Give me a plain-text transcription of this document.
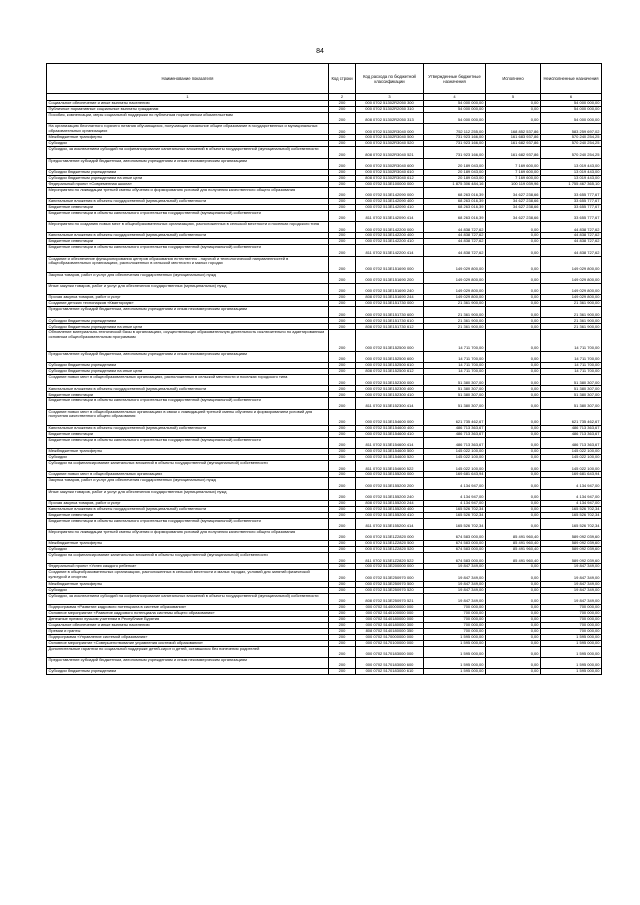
84
Наименование показателя	Код строки	Код расхода по бюджетной классификации	Утвержденные бюджетные назначения	Исполнено	Неисполненные назначения
1	2	3	4	5	6
Социальное обеспечение и иные выплаты населению	200	000 0702 51302R2050 300	54 000 000,00	0,00	54 000 000,00
Публичные нормативные социальные выплаты гражданам	200	000 0702 51302R2050 310	54 000 000,00	0,00	54 000 000,00
Пособия, компенсации, меры социальной поддержки по публичным нормативным обязательствам	200	808 0702 51302R2050 313	54 000 000,00	0,00	54 000 000,00
На организацию бесплатного горячего питания обучающихся, получающих начальное общее образование в государственных и муниципальных образовательных организациях	200	000 0702 51302R3040 000	752 112 255,00	168 852 537,86	583 259 697,02
Межбюджетные трансферты	200	000 0702 51302R3040 500	731 923 166,00	161 683 937,86	570 240 254,25
Субсидии	200	000 0702 51302R3040 520	731 923 166,00	161 682 937,86	570 240 254,25
Субсидии, за исключением субсидий на софинансирование капитальных вложений в объекты государственной (муниципальной) собственности	200	808 0702 51302R3040 521	731 923 166,00	161 682 937,86	570 240 254,25
Предоставление субсидий бюджетным, автономным учреждениям и иным некоммерческим организациям	200	000 0702 51302R3040 600	20 189 043,00	7 169 600,00	13 019 443,00
Субсидии бюджетным учреждениям	200	000 0702 51302R3040 610	20 189 043,00	7 169 600,00	13 019 443,00
Субсидии бюджетным учреждениям на иные цели	200	808 0702 51302R3040 612	20 189 043,00	7 169 600,00	13 019 443,00
Федеральный проект «Современная школа»	200	000 0702 513E100000 000	1 875 306 484,16	100 119 039,96	1 755 467 365,10
Мероприятия по ликвидации третьей смены обучения и формированию условий для получения качественного общего образования	200	000 0702 513E142090 000	68 263 016,39	34 627 238,66	33 655 777,67
Капитальные вложения в объекты государственной (муниципальной) собственности	200	000 0702 513E142090 400	68 263 016,39	34 627 238,66	33 655 777,67
Бюджетные инвестиции	200	000 0702 513E142090 410	68 263 016,39	34 627 238,66	33 655 777,67
Бюджетные инвестиции в объекты капитального строительства государственной (муниципальной) собственности	200	811 0702 513E142090 414	68 263 016,39	34 627 238,66	33 655 777,67
Мероприятия по созданию новых мест в общеобразовательных организациях, расположенных в сельской местности и поселках городского типа	200	000 0702 513E142200 000	44 838 727,62	0,00	44 838 727,62
Капитальные вложения в объекты государственной (муниципальной) собственности	200	000 0702 513E142200 400	44 838 727,62	0,00	44 838 727,62
Бюджетные инвестиции	200	000 0702 513E142200 410	44 838 727,62	0,00	44 838 727,62
Бюджетные инвестиции в объекты капитального строительства государственной (муниципальной) собственности	200	811 0702 513E142200 414	44 838 727,62	0,00	44 838 727,62
Создание и обеспечение функционирования центров образования естественно - научной и технологической направленностей в общеобразовательных организациях, расположенных в сельской местности и малых городах	200	000 0702 513E151690 000	149 029 800,00	0,00	149 029 800,00
Закупка товаров, работ и услуг для обеспечения государственных (муниципальных) нужд	200	000 0702 513E151690 200	149 029 800,00	0,00	149 029 800,00
Иные закупки товаров, работ и услуг для обеспечения государственных (муниципальных) нужд	200	000 0702 513E151690 240	149 029 800,00	0,00	149 029 800,00
Прочая закупка товаров, работ и услуг	200	808 0702 513E151690 244	149 029 800,00	0,00	149 029 800,00
Создание детских технопарков «Кванториум»	200	000 0702 513E151730 000	21 361 900,00	0,00	21 361 900,00
Предоставление субсидий бюджетным, автономным учреждениям и иным некоммерческим организациям	200	000 0702 513E151730 600	21 361 900,00	0,00	21 361 900,00
Субсидии бюджетным учреждениям	200	000 0702 513E151730 610	21 361 900,00	0,00	21 361 900,00
Субсидии бюджетным учреждениям на иные цели	200	808 0702 513E151730 612	21 361 900,00	0,00	21 361 900,00
Обновление материально-технической базы в организациях, осуществляющих образовательную деятельность исключительно по адаптированным основным общеобразовательным программам	200	000 0702 513E152500 000	14 711 700,00	0,00	14 711 700,00
Предоставление субсидий бюджетным, автономным учреждениям и иным некоммерческим организациям	200	000 0702 513E152500 600	14 711 700,00	0,00	14 711 700,00
Субсидии бюджетным учреждениям	200	000 0702 513E152500 610	14 711 700,00	0,00	14 711 700,00
Субсидии бюджетным учреждениям на иные цели	200	808 0702 513E152500 612	14 711 700,00	0,00	14 711 700,00
Создание новых мест в общеобразовательных организациях, расположенных в сельской местности и поселках городского типа	200	000 0702 513E152300 000	51 380 307,00	0,00	51 380 307,00
Капитальные вложения в объекты государственной (муниципальной) собственности	200	000 0702 513E152300 400	51 380 307,00	0,00	51 380 307,00
Бюджетные инвестиции	200	000 0702 513E152300 410	51 380 307,00	0,00	51 380 307,00
Бюджетные инвестиции в объекты капитального строительства государственной (муниципальной) собственности	200	811 0702 513E152300 414	51 380 307,00	0,00	51 380 307,00
Создание новых мест в общеобразовательных организациях в связи с ликвидацией третьей смены обучения и формированием условий для получения качественного общего образования	200	000 0702 513E154600 000	621 735 462,67	0,00	621 735 462,67
Капитальные вложения в объекты государственной (муниципальной) собственности	200	000 0702 513E154600 400	486 713 363,67	0,00	486 713 363,67
Бюджетные инвестиции	200	000 0702 513E154600 410	486 713 363,67	0,00	486 713 363,67
Бюджетные инвестиции в объекты капитального строительства государственной (муниципальной) собственности	200	811 0702 513E154600 414	486 713 363,67	0,00	486 713 363,67
Межбюджетные трансферты	200	000 0702 513E154600 500	145 022 100,00	0,00	145 022 100,00
Субсидии	200	000 0702 513E154600 520	145 022 100,00	0,00	145 022 100,00
Субсидии на софинансирование капитальных вложений в объекты государственной (муниципальной) собственности	200	811 0702 513E154600 522	145 022 100,00	0,00	145 022 100,00
Создание новых мест в общеобразовательных организациях	200	000 0702 513E155200 000	169 681 643,94	0,00	169 681 643,94
Закупка товаров, работ и услуг для обеспечения государственных (муниципальных) нужд	200	000 0702 513E155200 200	4 134 947,00	0,00	4 134 947,00
Иные закупки товаров, работ и услуг для обеспечения государственных (муниципальных) нужд	200	000 0702 513E155200 240	4 134 947,00	0,00	4 134 947,00
Прочая закупка товаров, работ и услуг	200	808 0702 513E155200 244	4 134 947,00	0,00	4 134 947,00
Капитальные вложения в объекты государственной (муниципальной) собственности	200	000 0702 513E155200 400	165 526 702,34	0,00	165 526 702,34
Бюджетные инвестиции	200	000 0702 513E155200 410	165 526 702,34	0,00	165 526 702,34
Бюджетные инвестиции в объекты капитального строительства государственной (муниципальной) собственности	200	811 0702 513E155200 414	165 526 702,34	0,00	165 526 702,34
Мероприятия по ликвидации третьей смены обучения и формированию условий для получения качественного общего образования	200	000 0702 513E1Z2820 000	674 583 000,00	85 491 960,40	589 092 039,60
Межбюджетные трансферты	200	000 0702 513E1Z2820 500	674 583 000,00	85 491 960,40	589 092 039,60
Субсидии	200	000 0702 513E1Z2820 520	674 583 000,00	85 491 960,40	589 092 039,60
Субсидии на софинансирование капитальных вложений в объекты государственной (муниципальной) собственности	200	811 0702 513E1Z2820 522	674 583 000,00	85 491 960,40	589 092 039,60
Федеральный проект «Успех каждого ребенка»	200	000 0702 513E200000 000	19 847 349,00	0,00	19 847 349,00
Создание в общеобразовательных организациях, расположенных в сельской местности и малых городах, условий для занятий физической культурой и спортом	200	000 0702 513E250970 000	19 847 349,00	0,00	19 847 349,00
Межбюджетные трансферты	200	000 0702 513E250970 500	19 847 349,00	0,00	19 847 349,00
Субсидии	200	000 0702 513E250970 520	19 847 349,00	0,00	19 847 349,00
Субсидии, за исключением субсидий на софинансирование капитальных вложений в объекты государственной (муниципальной) собственности	200	808 0702 513E250970 521	19 847 349,00	0,00	19 847 349,00
Подпрограмма «Развитие кадрового потенциала в системе образования»	200	000 0702 5140000000 000	700 000,00	0,00	700 000,00
Основное мероприятие «Развитие кадрового потенциала системы общего образования»	200	000 0702 5140100000 000	700 000,00	0,00	700 000,00
Денежные премии лучшим учителям в Республике Бурятия	200	000 0702 5140180000 000	700 000,00	0,00	700 000,00
Социальное обеспечение и иные выплаты населению	200	000 0702 5140180000 300	700 000,00	0,00	700 000,00
Премии и гранты	200	808 0702 5140180000 350	700 000,00	0,00	700 000,00
Подпрограмма «Управление системой образования»	200	000 0702 5170000000 000	1 595 000,00	0,00	1 595 000,00
Основное мероприятие «Совершенствование управления системой образования»	200	000 0702 5170100000 000	1 595 000,00	0,00	1 595 000,00
Дополнительные гарантии по социальной поддержке детей-сирот и детей, оставшихся без попечения родителей	200	000 0702 5170183000 000	1 595 000,00	0,00	1 595 000,00
Предоставление субсидий бюджетным, автономным учреждениям и иным некоммерческим организациям	200	000 0702 5170183000 600	1 595 000,00	0,00	1 595 000,00
Субсидии бюджетным учреждениям	200	000 0702 5170183000 610	1 595 000,00	0,00	1 595 000,00
